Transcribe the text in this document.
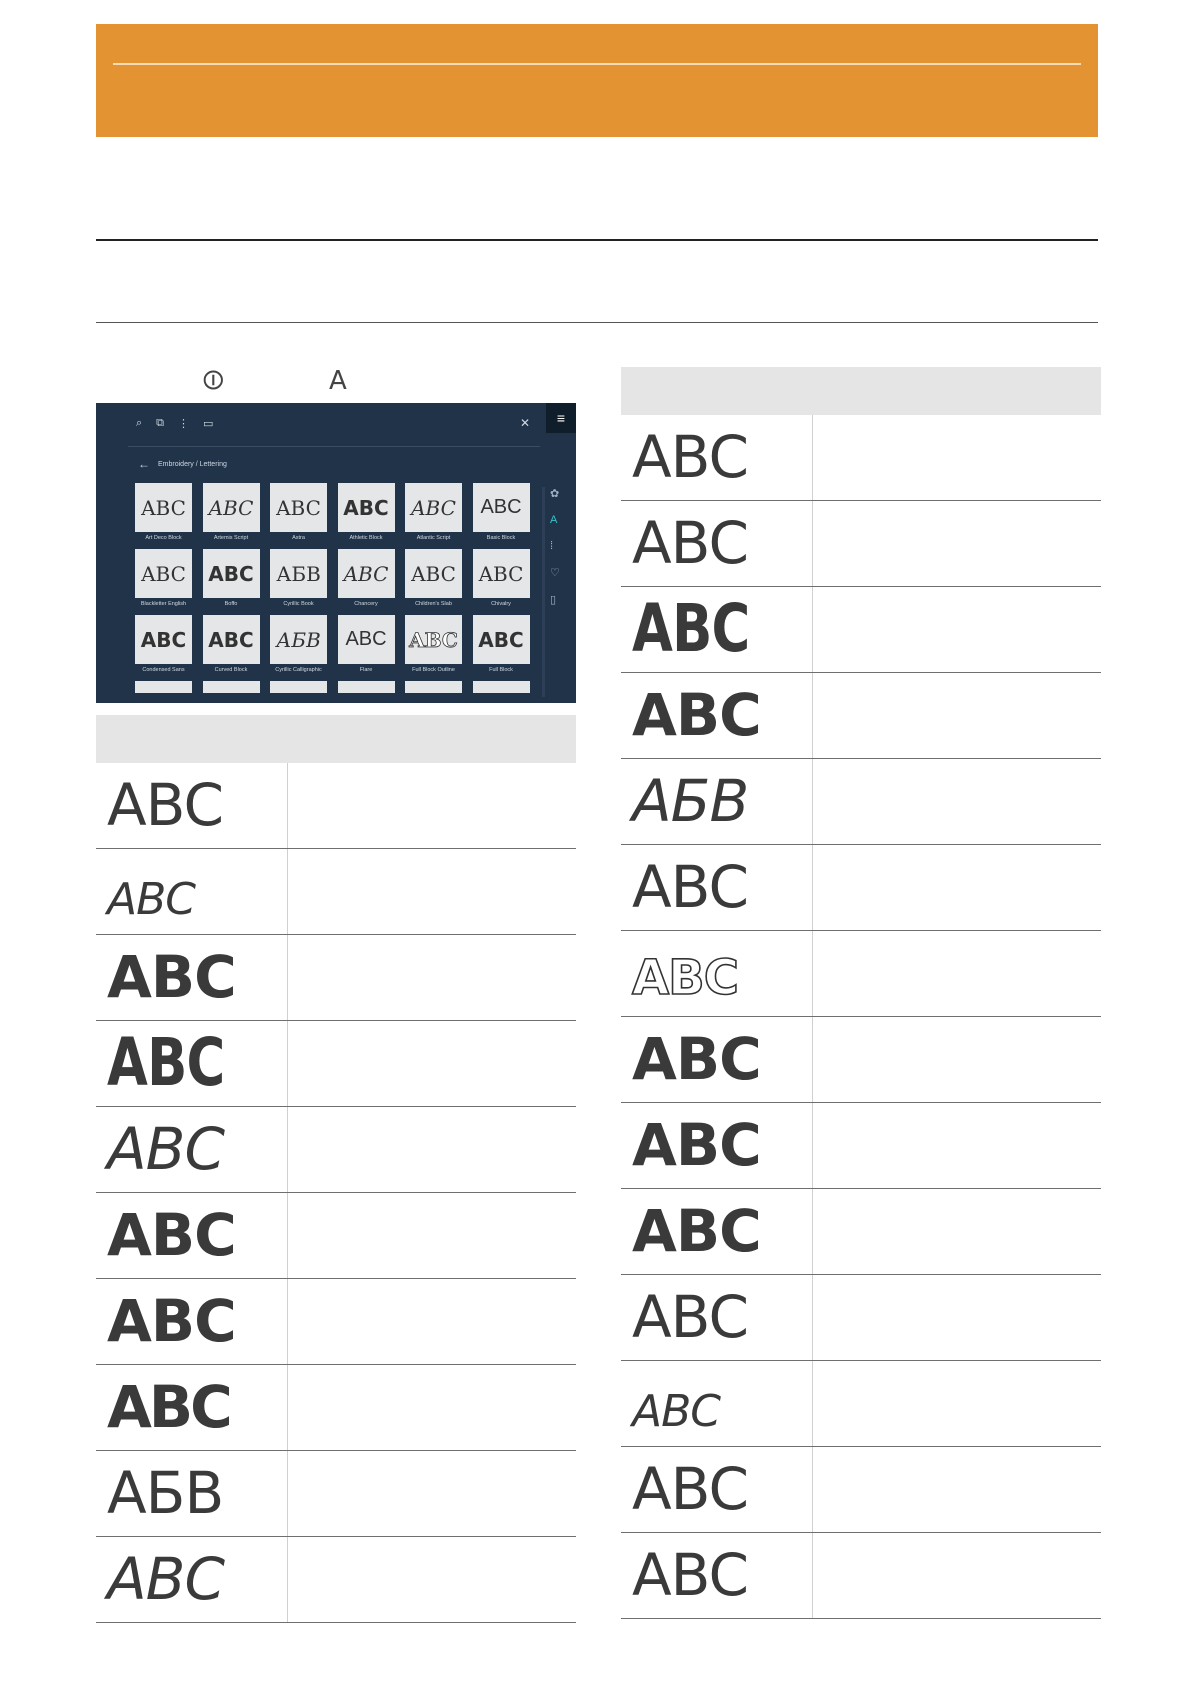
⏼	A
≡
⌕ ⧉ ⋮ ▭	✕
← Embroidery / Lettering
✿
A
⁞
♡
▯
ABC
Art Deco Block
ABC
Artemis Script
ABC
Astra
ABC
Athletic Block
ABC
Atlantic Script
ABC
Basic Block
ABC
Blackletter English
ABC
Boffo
АБВ
Cyrillic Book
ABC
Chancery
ABC
Children's Slab
ABC
Chivalry
ABC
Condensed Sans
ABC
Curved Block
АБВ
Cyrillic Calligraphic
ABC
Flare
ABC
Full Block Outline
ABC
Full Block
ABC
ABC
ABC
ABC
ABC
ABC
ABC
ABC
АБВ
ABC
ABC
ABC
ABC
ABC
АБВ
ABC
ABC
ABC
ABC
ABC
ABC
ABC
ABC
ABC
